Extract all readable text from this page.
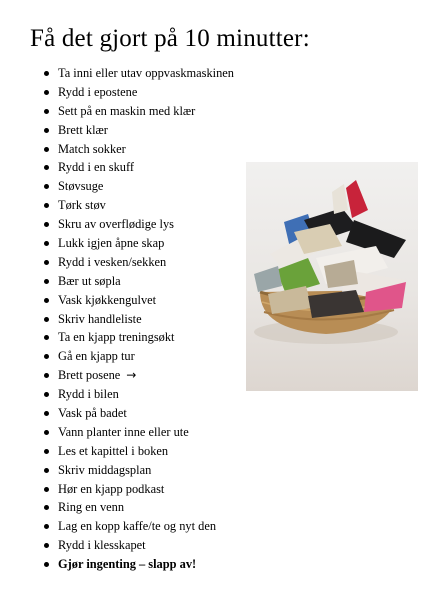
Få det gjort på 10 minutter:
Ta inni eller utav oppvaskmaskinen
Rydd i epostene
Sett på en maskin med klær
Brett klær
Match sokker
Rydd i en skuff
Støvsuge
Tørk støv
Skru av overflødige lys
Lukk igjen åpne skap
Rydd i vesken/sekken
Bær ut søpla
Vask kjøkkengulvet
Skriv handleliste
Ta en kjapp treningsøkt
Gå en kjapp tur
Brett posene →
Rydd i bilen
Vask på badet
Vann planter inne eller ute
Les et kapittel i boken
Skriv middagsplan
Hør en kjapp podkast
Ring en venn
Lag en kopp kaffe/te og nyt den
Rydd i klesskapet
Gjør ingenting – slapp av!
